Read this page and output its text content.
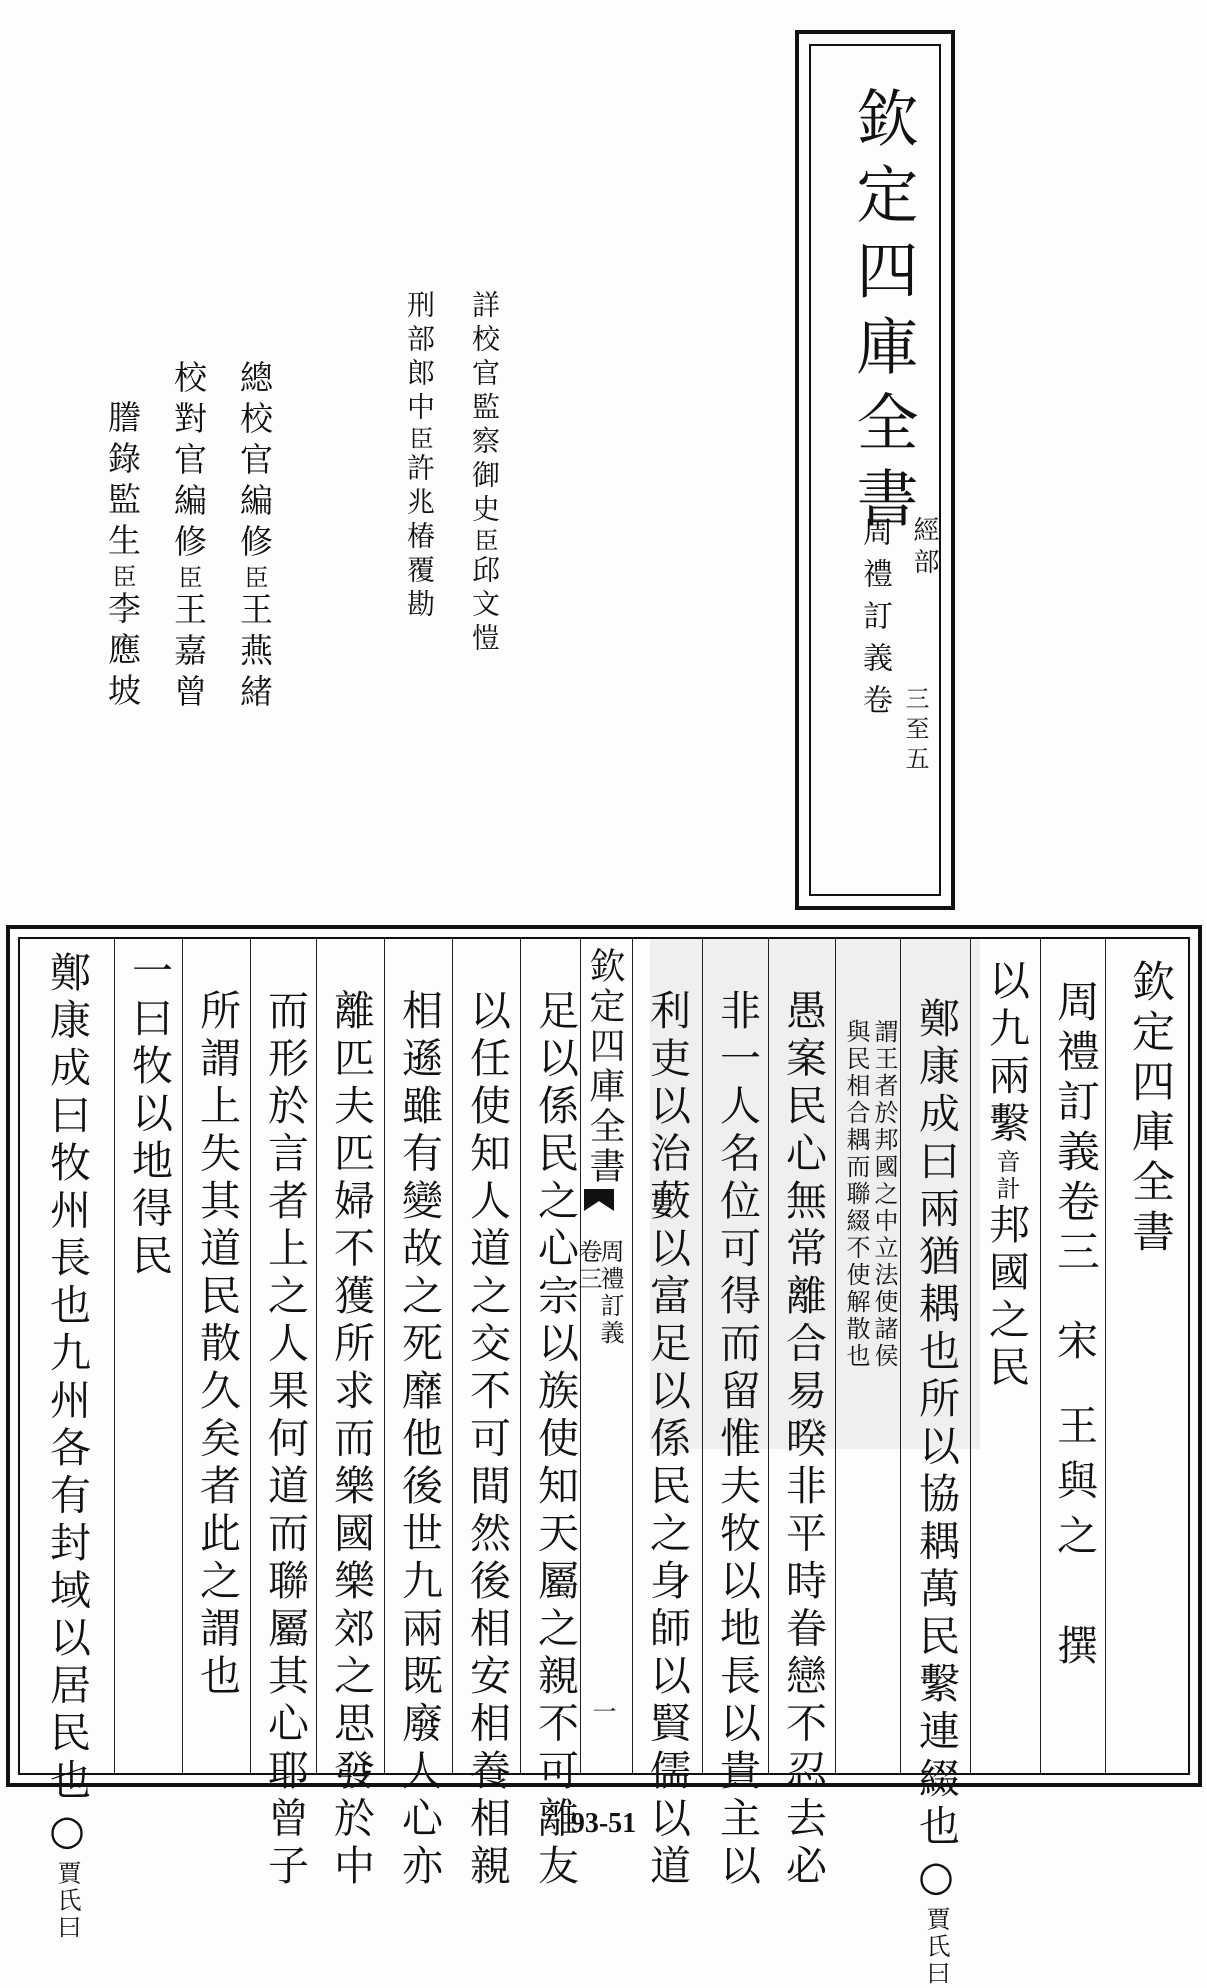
欽定四庫全書
周禮訂義卷 經部
三至五
詳校官監察御史臣邱文愷
刑部郎中臣許兆椿覆勘
總校官編修臣王燕緒
校對官編修臣王嘉曾
謄錄監生臣李應坡
欽定四庫全書
周禮訂義卷三
宋
王與之　撰
以九兩繫音計邦國之民
鄭康成曰兩猶耦也所以協耦萬民繫連綴也○賈氏曰
謂王者於邦國之中立法使諸侯
與民相合耦而聯綴不使解散也
愚案民心無常離合易暌非平時眷戀不忍去必
非一人名位可得而留惟夫牧以地長以貴主以
利吏以治藪以富足以係民之身師以賢儒以道
欽定四庫全書
周禮訂義
卷三
一
足以係民之心宗以族使知天屬之親不可離友
以任使知人道之交不可間然後相安相養相親
相遜雖有變故之死靡他後世九兩既廢人心亦
離匹夫匹婦不獲所求而樂國樂郊之思發於中
而形於言者上之人果何道而聯屬其心耶曾子
所謂上失其道民散久矣者此之謂也
一曰牧以地得民
鄭康成曰牧州長也九州各有封域以居民也○賈氏曰
93-51
